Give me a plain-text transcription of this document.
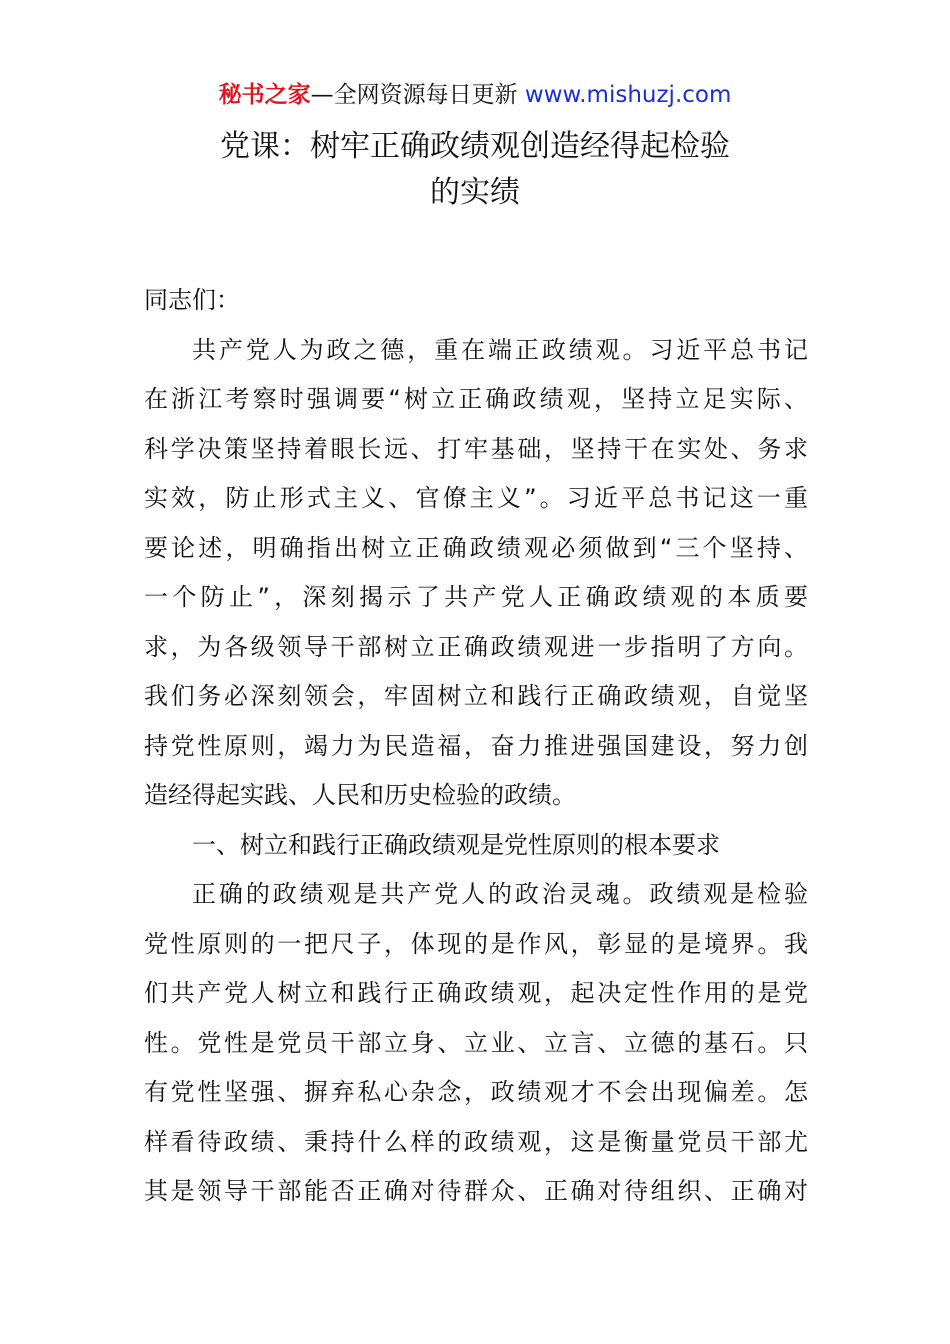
秘书之家—全网资源每日更新 www.mishuzj.com
党课：树牢正确政绩观创造经得起检验
的实绩
同志们：
共产党人为政之德，重在端正政绩观。习近平总书记
在浙江考察时强调要“树立正确政绩观，坚持立足实际、
科学决策坚持着眼长远、打牢基础，坚持干在实处、务求
实效，防止形式主义、官僚主义”。习近平总书记这一重
要论述，明确指出树立正确政绩观必须做到“三个坚持、
一个防止”，深刻揭示了共产党人正确政绩观的本质要
求，为各级领导干部树立正确政绩观进一步指明了方向。
我们务必深刻领会，牢固树立和践行正确政绩观，自觉坚
持党性原则，竭力为民造福，奋力推进强国建设，努力创
造经得起实践、人民和历史检验的政绩。
一、树立和践行正确政绩观是党性原则的根本要求
正确的政绩观是共产党人的政治灵魂。政绩观是检验
党性原则的一把尺子，体现的是作风，彰显的是境界。我
们共产党人树立和践行正确政绩观，起决定性作用的是党
性。党性是党员干部立身、立业、立言、立德的基石。只
有党性坚强、摒弃私心杂念，政绩观才不会出现偏差。怎
样看待政绩、秉持什么样的政绩观，这是衡量党员干部尤
其是领导干部能否正确对待群众、正确对待组织、正确对
